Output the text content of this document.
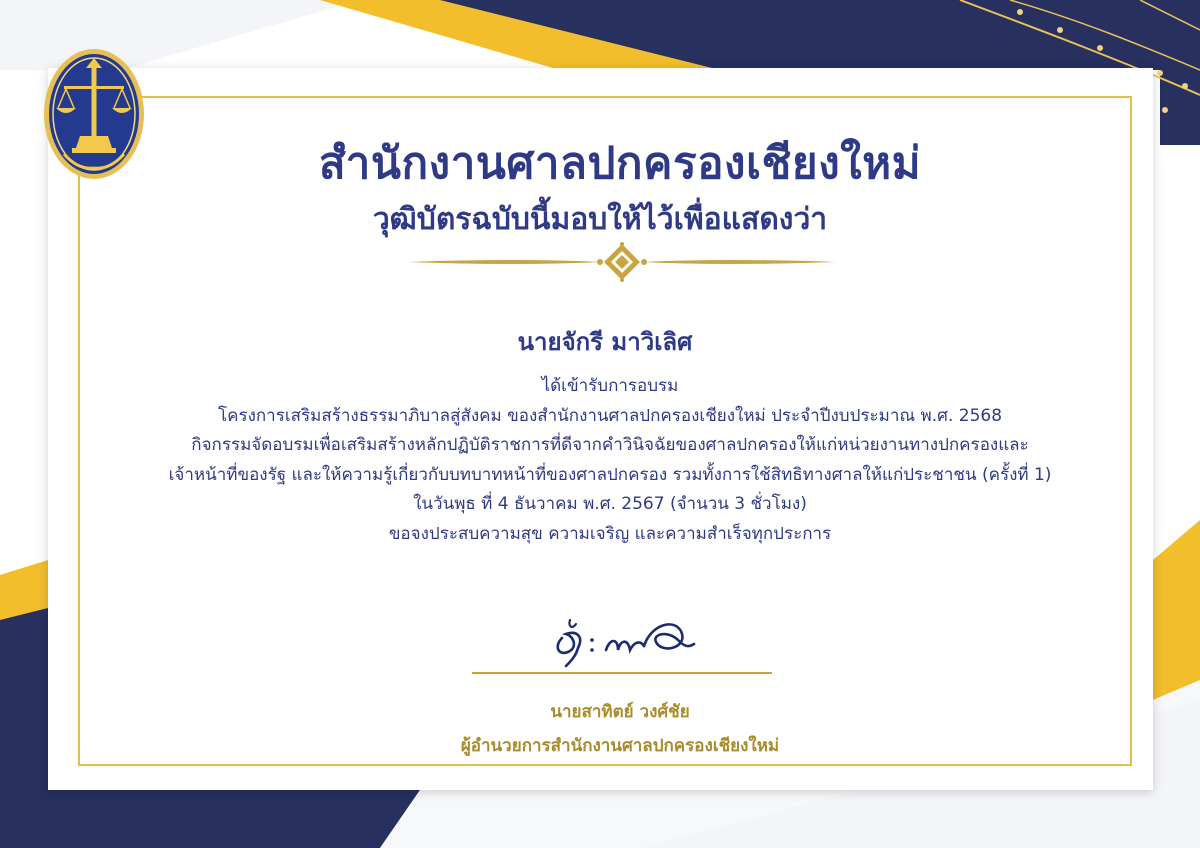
สำนักงานศาลปกครองเชียงใหม่
วุฒิบัตรฉบับนี้มอบให้ไว้เพื่อแสดงว่า
นายจักรี มาวิเลิศ
ได้เข้ารับการอบรม
โครงการเสริมสร้างธรรมาภิบาลสู่สังคม ของสำนักงานศาลปกครองเชียงใหม่ ประจำปีงบประมาณ พ.ศ. 2568
กิจกรรมจัดอบรมเพื่อเสริมสร้างหลักปฏิบัติราชการที่ดีจากคำวินิจฉัยของศาลปกครองให้แก่หน่วยงานทางปกครองและ
เจ้าหน้าที่ของรัฐ และให้ความรู้เกี่ยวกับบทบาทหน้าที่ของศาลปกครอง รวมทั้งการใช้สิทธิทางศาลให้แก่ประชาชน (ครั้งที่ 1)
ในวันพุธ ที่ 4 ธันวาคม พ.ศ. 2567 (จำนวน 3 ชั่วโมง)
ขอจงประสบความสุข ความเจริญ และความสำเร็จทุกประการ
นายสาทิตย์ วงศ์ชัย
ผู้อำนวยการสำนักงานศาลปกครองเชียงใหม่
